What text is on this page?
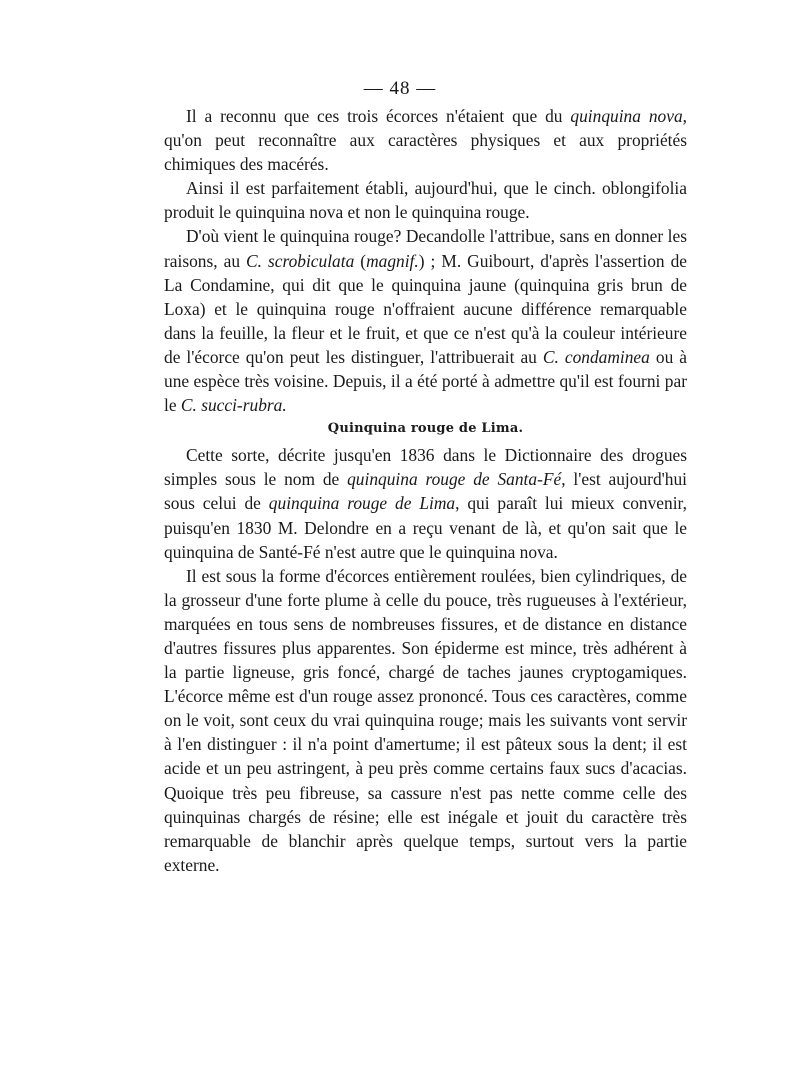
— 48 —

Il a reconnu que ces trois écorces n'étaient que du quinquina nova, qu'on peut reconnaître aux caractères physiques et aux propriétés chimiques des macérés.

Ainsi il est parfaitement établi, aujourd'hui, que le cinch. oblongifolia produit le quinquina nova et non le quinquina rouge.

D'où vient le quinquina rouge? Decandolle l'attribue, sans en donner les raisons, au C. scrobiculata (magnif.) ; M. Guibourt, d'après l'assertion de La Condamine, qui dit que le quinquina jaune (quinquina gris brun de Loxa) et le quinquina rouge n'offraient aucune différence remarquable dans la feuille, la fleur et le fruit, et que ce n'est qu'à la couleur intérieure de l'écorce qu'on peut les distinguer, l'attribuerait au C. condaminea ou à une espèce très voisine. Depuis, il a été porté à admettre qu'il est fourni par le C. succi-rubra.

Quinquina rouge de Lima.

Cette sorte, décrite jusqu'en 1836 dans le Dictionnaire des drogues simples sous le nom de quinquina rouge de Santa-Fé, l'est aujourd'hui sous celui de quinquina rouge de Lima, qui paraît lui mieux convenir, puisqu'en 1830 M. Delondre en a reçu venant de là, et qu'on sait que le quinquina de Santé-Fé n'est autre que le quinquina nova.

Il est sous la forme d'écorces entièrement roulées, bien cylindriques, de la grosseur d'une forte plume à celle du pouce, très rugueuses à l'extérieur, marquées en tous sens de nombreuses fissures, et de distance en distance d'autres fissures plus apparentes. Son épiderme est mince, très adhérent à la partie ligneuse, gris foncé, chargé de taches jaunes cryptogamiques. L'écorce même est d'un rouge assez prononcé. Tous ces caractères, comme on le voit, sont ceux du vrai quinquina rouge; mais les suivants vont servir à l'en distinguer : il n'a point d'amertume; il est pâteux sous la dent; il est acide et un peu astringent, à peu près comme certains faux sucs d'acacias. Quoique très peu fibreuse, sa cassure n'est pas nette comme celle des quinquinas chargés de résine; elle est inégale et jouit du caractère très remarquable de blanchir après quelque temps, surtout vers la partie externe.
